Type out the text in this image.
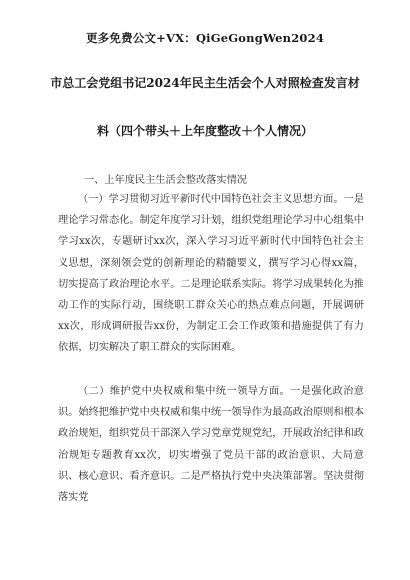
更多免费公文+VX：QiGeGongWen2024
市总工会党组书记2024年民主生活会个人对照检查发言材
料（四个带头＋上年度整改＋个人情况）
一、上年度民主生活会整改落实情况

（一）学习贯彻习近平新时代中国特色社会主义思想方面。一是理论学习常态化。制定年度学习计划，组织党组理论学习中心组集中学习xx次，专题研讨xx次，深入学习习近平新时代中国特色社会主义思想，深刻领会党的创新理论的精髓要义，撰写学习心得xx篇，切实提高了政治理论水平。二是理论联系实际。将学习成果转化为推动工作的实际行动，围绕职工群众关心的热点难点问题，开展调研xx次，形成调研报告xx份，为制定工会工作政策和措施提供了有力依据，切实解决了职工群众的实际困难。

（二）维护党中央权威和集中统一领导方面。一是强化政治意识。始终把维护党中央权威和集中统一领导作为最高政治原则和根本政治规矩，组织党员干部深入学习党章党规党纪，开展政治纪律和政治规矩专题教育xx次，切实增强了党员干部的政治意识、大局意识、核心意识、看齐意识。二是严格执行党中央决策部署。坚决贯彻落实党
